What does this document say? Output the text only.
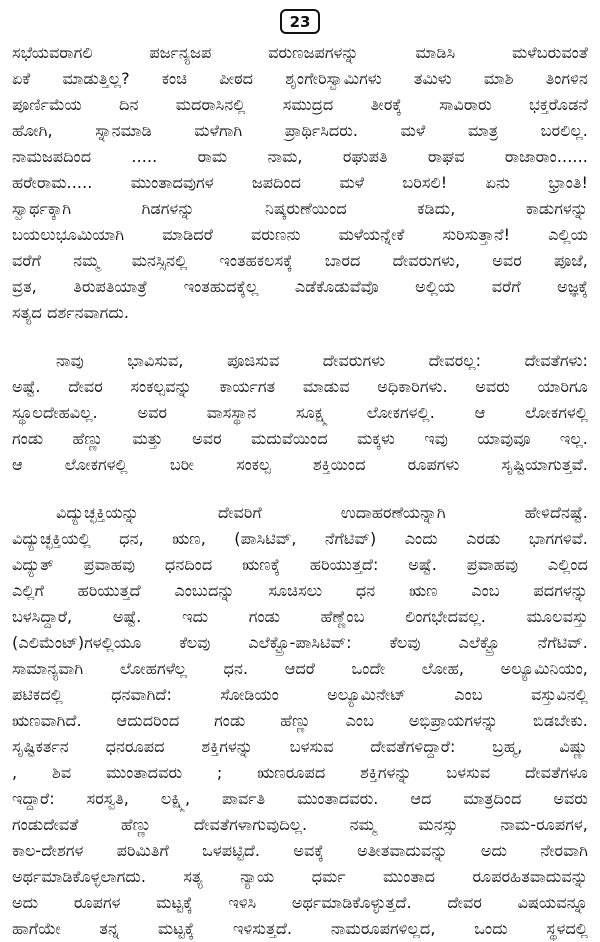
23

ಸಭೆಯವರಾಗಲಿ ಪರ್ಜನ್ಯಜಪ ವರುಣಜಪಗಳನ್ನು ಮಾಡಿಸಿ ಮಳೆಬರುವಂತೆ
ಏಕೆ ಮಾಡುತ್ತಿಲ್ಲ? ಕಂಚಿ ಪೀಠದ ಶೃಂಗೇರಿಸ್ವಾಮಿಗಳು ತಮಿಳು ಮಾಶಿ ತಿಂಗಳಿನ
ಪೂರ್ಣಿಮೆಯ ದಿನ ಮದರಾಸಿನಲ್ಲಿ ಸಮುದ್ರದ ತೀರಕ್ಕೆ ಸಾವಿರಾರು ಭಕ್ತರೊಡನೆ
ಹೋಗಿ, ಸ್ನಾನಮಾಡಿ ಮಳೆಗಾಗಿ ಪ್ರಾರ್ಥಿಸಿದರು. ಮಳೆ ಮಾತ್ರ ಬರಲಿಲ್ಲ.
ನಾಮಜಪದಿಂದ ..... ರಾಮ ನಾಮ, ರಘುಪತಿ ರಾಘವ ರಾಜಾರಾಂ......
ಹರೇರಾಮ..... ಮುಂತಾದವುಗಳ ಜಪದಿಂದ ಮಳೆ ಬರಿಸಲಿ! ಏನು ಭ್ರಾಂತಿ!
ಸ್ವಾರ್ಥಕ್ಕಾಗಿ ಗಿಡಗಳನ್ನು ನಿಷ್ಕರುಣೆಯಿಂದ ಕಡಿದು, ಕಾಡುಗಳನ್ನು
ಬಯಲುಭೂಮಿಯಾಗಿ ಮಾಡಿದರೆ ವರುಣನು ಮಳೆಯನ್ನೇಕೆ ಸುರಿಸುತ್ತಾನೆ! ಎಲ್ಲಿಯ
ವರೆಗೆ ನಮ್ಮ ಮನಸ್ಸಿನಲ್ಲಿ ಇಂತಹಕಲಸಕ್ಕೆ ಬಾರದ ದೇವರುಗಳು, ಅವರ ಪೂಜೆ,
ವ್ರತ, ತಿರುಪತಿಯಾತ್ರೆ ಇಂತಹುದಕ್ಕೆಲ್ಲ ಎಡೆಕೊಡುವೆವೊ ಅಲ್ಲಿಯ ವರೆಗೆ ಅಜ್ಞಕ್ಕೆ
ಸತ್ಯದ ದರ್ಶನವಾಗದು.

ನಾವು ಭಾವಿಸುವ, ಪೂಜಿಸುವ ದೇವರುಗಳು ದೇವರಲ್ಲ: ದೇವತೆಗಳು:
ಅಷ್ಟೆ. ದೇವರ ಸಂಕಲ್ಪವನ್ನು ಕಾರ್ಯಗತ ಮಾಡುವ ಅಧಿಕಾರಿಗಳು. ಅವರು ಯಾರಿಗೂ
ಸ್ಥೂಲದೇಹವಿಲ್ಲ. ಅವರ ವಾಸಸ್ಥಾನ ಸೂಕ್ಷ್ಮ ಲೋಕಗಳಲ್ಲಿ. ಆ ಲೋಕಗಳಲ್ಲಿ
ಗಂಡು ಹೆಣ್ಣು ಮತ್ತು ಅವರ ಮದುವೆಯಿಂದ ಮಕ್ಕಳು ಇವು ಯಾವುವೂ ಇಲ್ಲ.
ಆ ಲೋಕಗಳಲ್ಲಿ ಬರೀ ಸಂಕಲ್ಪ ಶಕ್ತಿಯಿಂದ ರೂಪಗಳು ಸೃಷ್ಟಿಯಾಗುತ್ತವೆ.

ವಿದ್ಯುಚ್ಛಕ್ತಿಯನ್ನು ದೇವರಿಗೆ ಉದಾಹರಣೆಯನ್ನಾಗಿ ಹೇಳಿದೆನಷ್ಟೆ.
ವಿದ್ಯುಚ್ಛಕ್ತಿಯಲ್ಲಿ ಧನ, ಋಣ, (ಪಾಸಿಟಿವ್, ನೆಗೆಟಿವ್) ಎಂದು ಎರಡು ಭಾಗಗಳಿವೆ.
ವಿದ್ಯುತ್ ಪ್ರವಾಹವು ಧನದಿಂದ ಋಣಕ್ಕೆ ಹರಿಯುತ್ತದೆ: ಅಷ್ಟೆ. ಪ್ರವಾಹವು ಎಲ್ಲಿಂದ
ಎಲ್ಲಿಗೆ ಹರಿಯುತ್ತದೆ ಎಂಬುದನ್ನು ಸೂಚಿಸಲು ಧನ ಋಣ ಎಂಬ ಪದಗಳನ್ನು
ಬಳಸಿದ್ದಾರೆ, ಅಷ್ಟೆ. ಇದು ಗಂಡು ಹೆಣ್ಣೆಂಬ ಲಿಂಗಭೇದವಲ್ಲ. ಮೂಲವಸ್ತು
(ಎಲಿಮೆಂಟ್)ಗಳಲ್ಲಿಯೂ ಕೆಲವು ಎಲೆಕ್ಟ್ರೊ-ಪಾಸಿಟಿವ್: ಕೆಲವು ಎಲೆಕ್ಟ್ರೊ ನೆಗೆಟಿವ್.
ಸಾಮಾನ್ಯವಾಗಿ ಲೋಹಗಳೆಲ್ಲ ಧನ. ಆದರೆ ಒಂದೇ ಲೋಹ, ಅಲ್ಯೂಮಿನಿಯಂ,
ಪಟಿಕದಲ್ಲಿ ಧನವಾಗಿದೆ: ಸೋಡಿಯಂ ಅಲ್ಯೂಮಿನೇಟ್ ಎಂಬ ವಸ್ತುವಿನಲ್ಲಿ
ಋಣವಾಗಿದೆ. ಆದುದರಿಂದ ಗಂಡು ಹೆಣ್ಣು ಎಂಬ ಅಭಿಪ್ರಾಯಗಳನ್ನು ಬಿಡಬೇಕು.
ಸೃಷ್ಟಿಕರ್ತನ ಧನರೂಪದ ಶಕ್ತಿಗಳನ್ನು ಬಳಸುವ ದೇವತೆಗಳಿದ್ದಾರೆ: ಬ್ರಹ್ಮ, ವಿಷ್ಣು
, ಶಿವ ಮುಂತಾದವರು ; ಋಣರೂಪದ ಶಕ್ತಿಗಳನ್ನು ಬಳಸುವ ದೇವತೆಗಳೂ
ಇದ್ದಾರೆ: ಸರಸ್ವತಿ, ಲಕ್ಷ್ಮಿ, ಪಾರ್ವತಿ ಮುಂತಾದವರು. ಆದ ಮಾತ್ರದಿಂದ ಅವರು
ಗಂಡುದೇವತೆ ಹೆಣ್ಣು ದೇವತೆಗಳಾಗುವುದಿಲ್ಲ. ನಮ್ಮ ಮನಸ್ಸು ನಾಮ-ರೂಪಗಳ,
ಕಾಲ-ದೇಶಗಳ ಪರಿಮಿತಿಗೆ ಒಳಪಟ್ಟಿದೆ. ಅವಕ್ಕೆ ಅತೀತವಾದುವನ್ನು ಅದು ನೇರವಾಗಿ
ಅರ್ಥಮಾಡಿಕೊಳ್ಳಲಾಗದು. ಸತ್ಯ ನ್ಯಾಯ ಧರ್ಮ ಮುಂತಾದ ರೂಪರಹಿತವಾದುವನ್ನು
ಅದು ರೂಪಗಳ ಮಟ್ಟಕ್ಕೆ ಇಳಿಸಿ ಅರ್ಥಮಾಡಿಕೊಳ್ಳುತ್ತದೆ. ದೇವರ ವಿಷಯವನ್ನೂ
ಹಾಗೆಯೇ ತನ್ನ ಮಟ್ಟಕ್ಕೆ ಇಳಿಸುತ್ತದೆ. ನಾಮರೂಪಗಳಿಲ್ಲದ, ಒಂದು ಸ್ಥಳದಲ್ಲಿ
